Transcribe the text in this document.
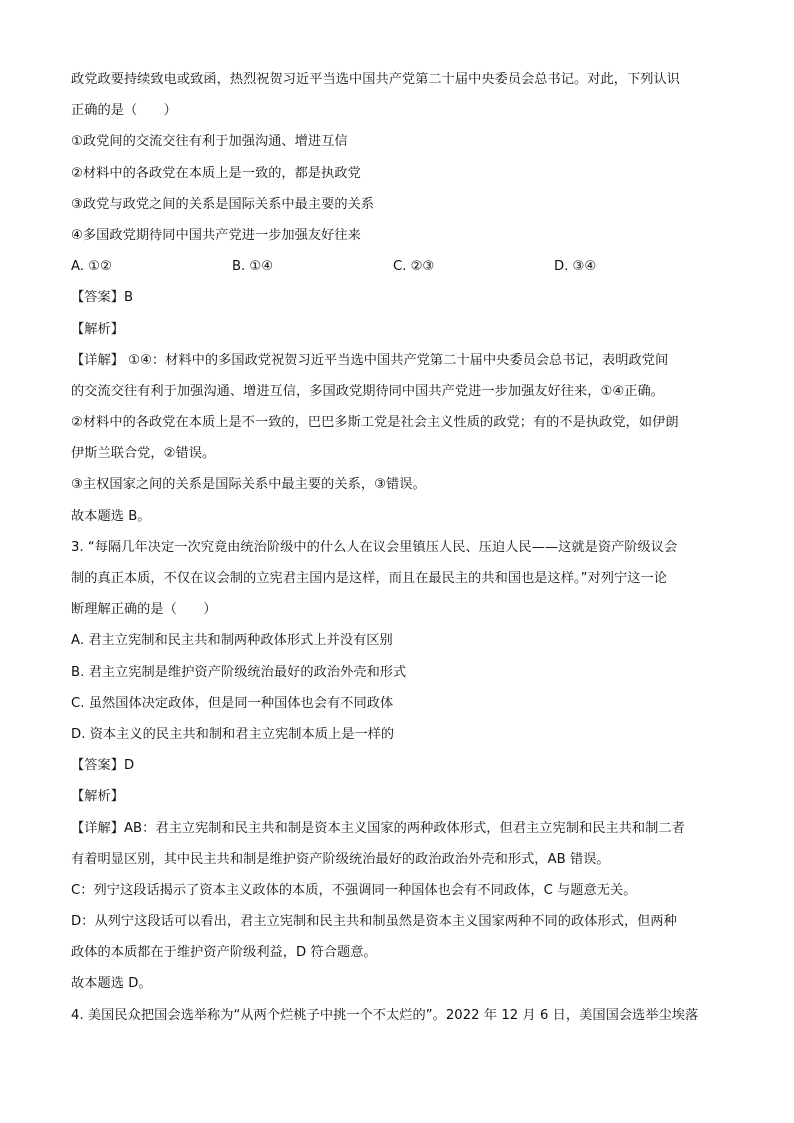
政党政要持续致电或致函，热烈祝贺习近平当选中国共产党第二十届中央委员会总书记。对此，下列认识
正确的是（　　）
①政党间的交流交往有利于加强沟通、增进互信
②材料中的各政党在本质上是一致的，都是执政党
③政党与政党之间的关系是国际关系中最主要的关系
④多国政党期待同中国共产党进一步加强友好往来
A. ①②	B. ①④	C. ②③	D. ③④
【答案】B
【解析】
【详解】 ①④：材料中的多国政党祝贺习近平当选中国共产党第二十届中央委员会总书记，表明政党间
的交流交往有利于加强沟通、增进互信，多国政党期待同中国共产党进一步加强友好往来，①④正确。
②材料中的各政党在本质上是不一致的，巴巴多斯工党是社会主义性质的政党；有的不是执政党，如伊朗
伊斯兰联合党，②错误。
③主权国家之间的关系是国际关系中最主要的关系，③错误。
故本题选 B。
3. “每隔几年决定一次究竟由统治阶级中的什么人在议会里镇压人民、压迫人民——这就是资产阶级议会
制的真正本质，不仅在议会制的立宪君主国内是这样，而且在最民主的共和国也是这样。”对列宁这一论
断理解正确的是（　　）
A. 君主立宪制和民主共和制两种政体形式上并没有区别
B. 君主立宪制是维护资产阶级统治最好的政治外壳和形式
C. 虽然国体决定政体，但是同一种国体也会有不同政体
D. 资本主义的民主共和制和君主立宪制本质上是一样的
【答案】D
【解析】
【详解】AB：君主立宪制和民主共和制是资本主义国家的两种政体形式，但君主立宪制和民主共和制二者
有着明显区别，其中民主共和制是维护资产阶级统治最好的政治政治外壳和形式，AB 错误。
C：列宁这段话揭示了资本主义政体的本质，不强调同一种国体也会有不同政体，C 与题意无关。
D：从列宁这段话可以看出，君主立宪制和民主共和制虽然是资本主义国家两种不同的政体形式，但两种
政体的本质都在于维护资产阶级利益，D 符合题意。
故本题选 D。
4. 美国民众把国会选举称为“从两个烂桃子中挑一个不太烂的”。2022 年 12 月 6 日，美国国会选举尘埃落
